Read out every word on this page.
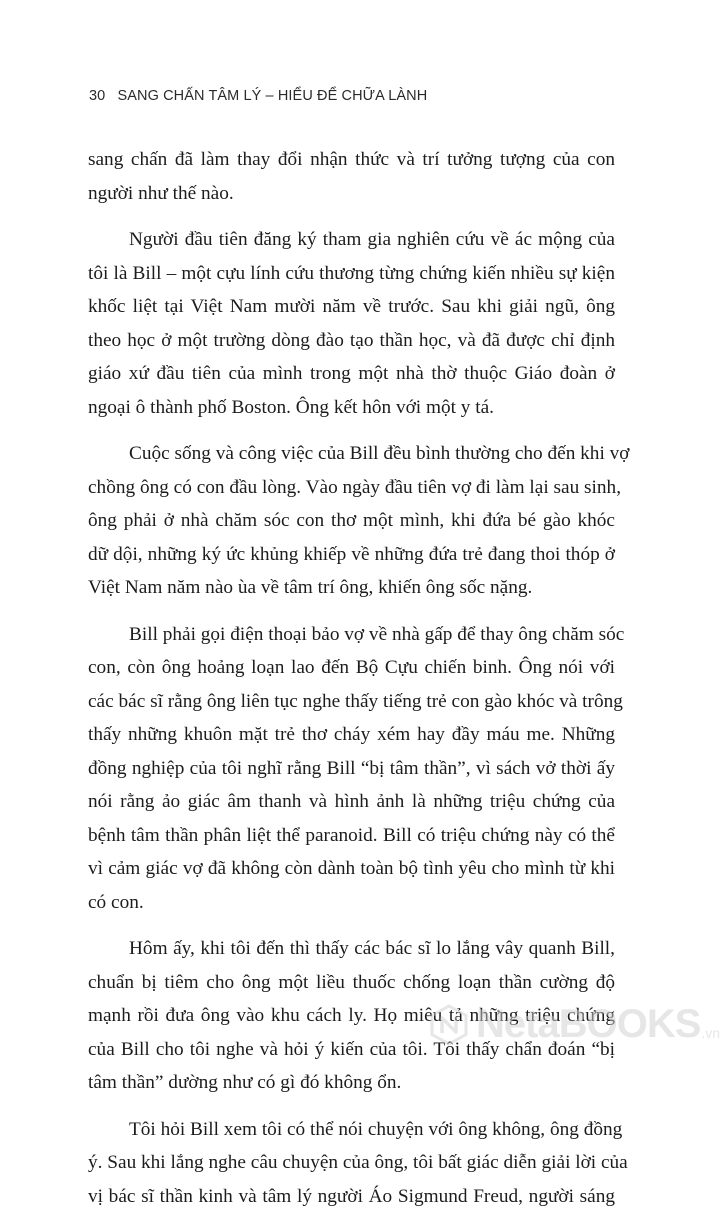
30 SANG CHẤN TÂM LÝ – HIỂU ĐỂ CHỮA LÀNH
sang chấn đã làm thay đổi nhận thức và trí tưởng tượng của con
người như thế nào.
Người đầu tiên đăng ký tham gia nghiên cứu về ác mộng của
tôi là Bill – một cựu lính cứu thương từng chứng kiến nhiều sự kiện
khốc liệt tại Việt Nam mười năm về trước. Sau khi giải ngũ, ông
theo học ở một trường dòng đào tạo thần học, và đã được chỉ định
giáo xứ đầu tiên của mình trong một nhà thờ thuộc Giáo đoàn ở
ngoại ô thành phố Boston. Ông kết hôn với một y tá.
Cuộc sống và công việc của Bill đều bình thường cho đến khi vợ
chồng ông có con đầu lòng. Vào ngày đầu tiên vợ đi làm lại sau sinh,
ông phải ở nhà chăm sóc con thơ một mình, khi đứa bé gào khóc
dữ dội, những ký ức khủng khiếp về những đứa trẻ đang thoi thóp ở
Việt Nam năm nào ùa về tâm trí ông, khiến ông sốc nặng.
Bill phải gọi điện thoại bảo vợ về nhà gấp để thay ông chăm sóc
con, còn ông hoảng loạn lao đến Bộ Cựu chiến binh. Ông nói với
các bác sĩ rằng ông liên tục nghe thấy tiếng trẻ con gào khóc và trông
thấy những khuôn mặt trẻ thơ cháy xém hay đầy máu me. Những
đồng nghiệp của tôi nghĩ rằng Bill “bị tâm thần”, vì sách vở thời ấy
nói rằng ảo giác âm thanh và hình ảnh là những triệu chứng của
bệnh tâm thần phân liệt thể paranoid. Bill có triệu chứng này có thể
vì cảm giác vợ đã không còn dành toàn bộ tình yêu cho mình từ khi
có con.
Hôm ấy, khi tôi đến thì thấy các bác sĩ lo lắng vây quanh Bill,
chuẩn bị tiêm cho ông một liều thuốc chống loạn thần cường độ
mạnh rồi đưa ông vào khu cách ly. Họ miêu tả những triệu chứng
của Bill cho tôi nghe và hỏi ý kiến của tôi. Tôi thấy chẩn đoán “bị
tâm thần” dường như có gì đó không ổn.
Tôi hỏi Bill xem tôi có thể nói chuyện với ông không, ông đồng
ý. Sau khi lắng nghe câu chuyện của ông, tôi bất giác diễn giải lời của
vị bác sĩ thần kinh và tâm lý người Áo Sigmund Freud, người sáng
NetaBOOKS .vn
